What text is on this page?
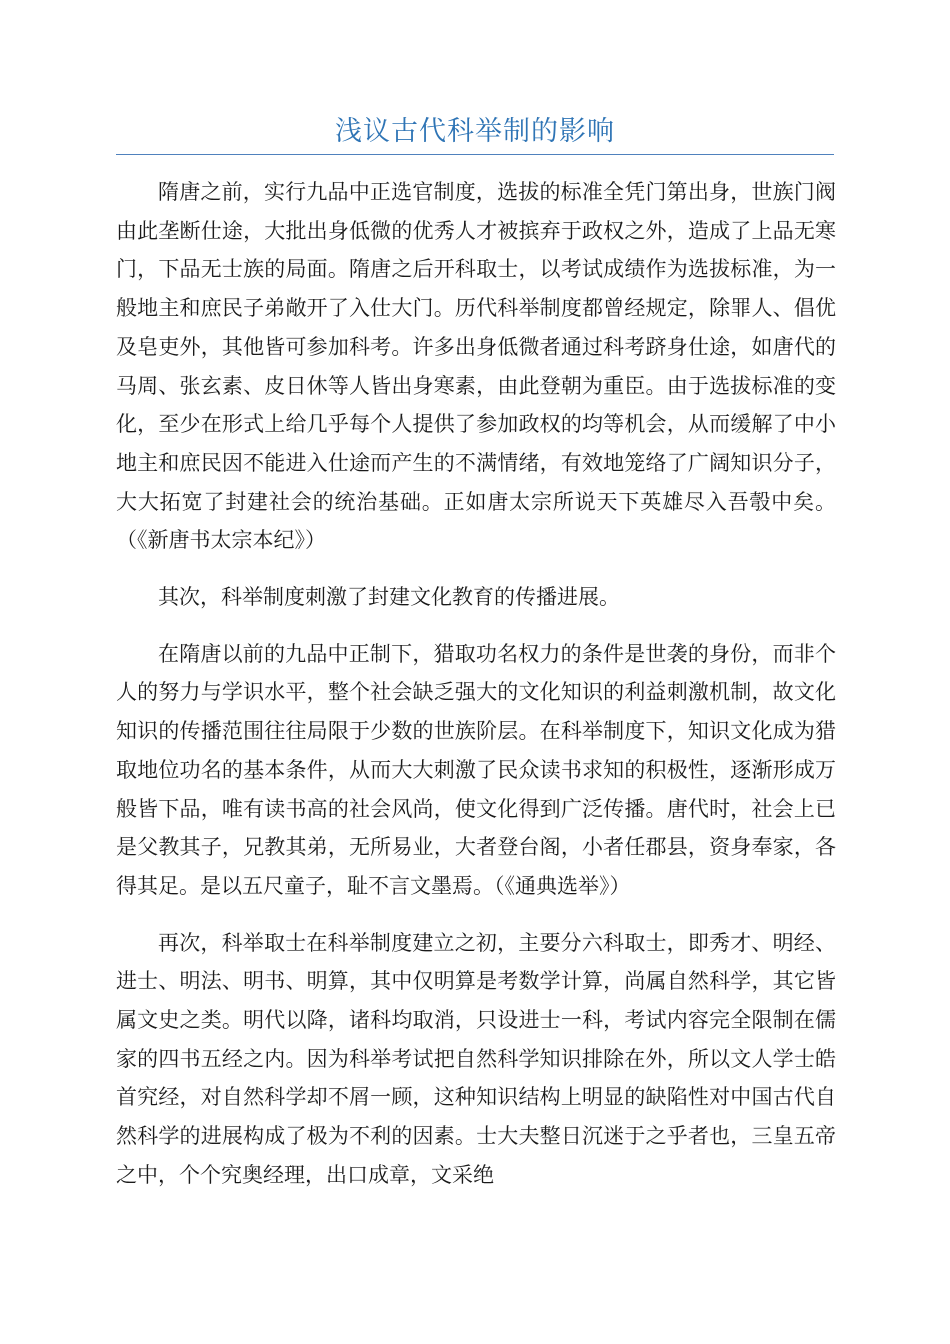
浅议古代科举制的影响

隋唐之前，实行九品中正选官制度，选拔的标准全凭门第出身，世族门阀由此垄断仕途，大批出身低微的优秀人才被摈弃于政权之外，造成了上品无寒门，下品无士族的局面。隋唐之后开科取士，以考试成绩作为选拔标准，为一般地主和庶民子弟敞开了入仕大门。历代科举制度都曾经规定，除罪人、倡优及皂吏外，其他皆可参加科考。许多出身低微者通过科考跻身仕途，如唐代的马周、张玄素、皮日休等人皆出身寒素，由此登朝为重臣。由于选拔标准的变化，至少在形式上给几乎每个人提供了参加政权的均等机会，从而缓解了中小地主和庶民因不能进入仕途而产生的不满情绪，有效地笼络了广阔知识分子，大大拓宽了封建社会的统治基础。正如唐太宗所说天下英雄尽入吾彀中矣。（《新唐书太宗本纪》）

其次，科举制度刺激了封建文化教育的传播进展。

在隋唐以前的九品中正制下，猎取功名权力的条件是世袭的身份，而非个人的努力与学识水平，整个社会缺乏强大的文化知识的利益刺激机制，故文化知识的传播范围往往局限于少数的世族阶层。在科举制度下，知识文化成为猎取地位功名的基本条件，从而大大刺激了民众读书求知的积极性，逐渐形成万般皆下品，唯有读书高的社会风尚，使文化得到广泛传播。唐代时，社会上已是父教其子，兄教其弟，无所易业，大者登台阁，小者任郡县，资身奉家，各得其足。是以五尺童子，耻不言文墨焉。（《通典选举》）

再次，科举取士在科举制度建立之初，主要分六科取士，即秀才、明经、进士、明法、明书、明算，其中仅明算是考数学计算，尚属自然科学，其它皆属文史之类。明代以降，诸科均取消，只设进士一科，考试内容完全限制在儒家的四书五经之内。因为科举考试把自然科学知识排除在外，所以文人学士皓首究经，对自然科学却不屑一顾，这种知识结构上明显的缺陷性对中国古代自然科学的进展构成了极为不利的因素。士大夫整日沉迷于之乎者也，三皇五帝之中，个个究奥经理，出口成章，文采绝
